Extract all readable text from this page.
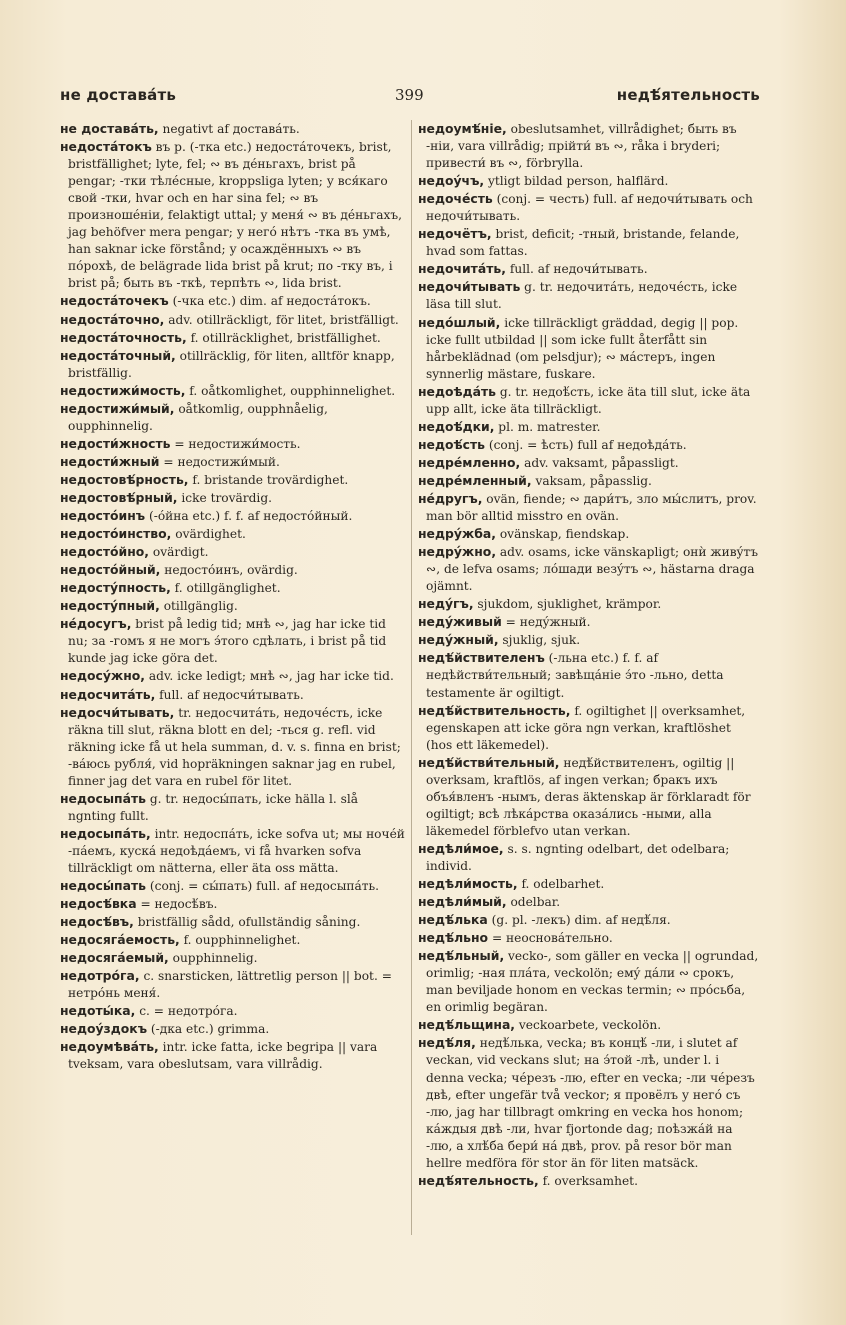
не доставáть	399	недѣ́ятельность
не доставáть, negativt af доставáть.
недостáтокъ въ р. (-тка etc.) недостáточекъ, brist, bristfällighet; lyte, fel; ∾ въ дéньгахъ, brist på pengar; -тки тѣлéсные, kroppsliga lyten; у вся́каго свой -тки, hvar och en har sina fel; ∾ въ произношéніи, felaktigt uttal; у меня́ ∾ въ дéньгахъ, jag behöfver mera pengar; у негó нѣтъ -тка въ умѣ, han saknar icke förstånd; у осаждённыхъ ∾ въ пóрохѣ, de belägrade lida brist på krut; по -тку въ, i brist på; быть въ -ткѣ, терпѣть ∾, lida brist.
недостáточекъ (-чка etc.) dim. af недостáтокъ.
недостáточно, adv. otillräckligt, för litet, bristfälligt.
недостáточность, f. otillräcklighet, bristfällighet.
недостáточный, otillräcklig, för liten, alltför knapp, bristfällig.
недостижи́мость, f. oåtkomlighet, oupphinnelighet.
недостижи́мый, oåtkomlig, oupphnåelig, oupphinnelig.
недости́жность = недостижи́мость.
недости́жный = недостижи́мый.
недостовѣ́рность, f. bristande trovärdighet.
недостовѣ́рный, icke trovärdig.
недостóинъ (-óйна etc.) f. f. af недостóйный.
недостóинство, ovärdighet.
недостóйно, ovärdigt.
недостóйный, недостóинъ, ovärdig.
недостýпность, f. otillgänglighet.
недостýпный, otillgänglig.
нéдосугъ, brist på ledig tid; мнѣ ∾, jag har icke tid nu; за -гомъ я не могъ э́того сдѣлать, i brist på tid kunde jag icke göra det.
недосýжно, adv. icke ledigt; мнѣ ∾, jag har icke tid.
недосчитáть, full. af недосчи́тывать.
недосчи́тывать, tr. недосчитáть, недочéсть, icke räkna till slut, räkna blott en del; -ться g. refl. vid räkning icke få ut hela summan, d. v. s. finna en brist; -вáюсь рубля́, vid hopräkningen saknar jag en rubel, finner jag det vara en rubel för litet.
недосыпáть g. tr. недосы́пать, icke hälla l. slå ngnting fullt.
недосыпáть, intr. недоспáть, icke sofva ut; мы ночéй -пáемъ, кускá недоѣдáемъ, vi få hvarken sofva tillräckligt om nätterna, eller äta oss mätta.
недосы́пать (conj. = сы́пать) full. af недосыпáть.
недосѣ́вка = недосѣ́въ.
недосѣ́въ, bristfällig sådd, ofullständig såning.
недосягáемость, f. oupphinnelighet.
недосягáемый, oupphinnelig.
недотрóга, c. snarsticken, lättretlig person || bot. = нетрóнь меня́.
недоты́ка, c. = недотрóга.
недоýздокъ (-дка etc.) grimma.
недоумѣвáть, intr. icke fatta, icke begripa || vara tveksam, vara obeslutsam, vara villrådig.
недоумѣ́ніе, obeslutsamhet, villrådighet; быть въ -ніи, vara villrådig; прійти́ въ ∾, råka i bryderi; привести́ въ ∾, förbrylla.
недоýчъ, ytligt bildad person, halflärd.
недочéсть (conj. = честь) full. af недочи́тывать och недочи́тывать.
недочётъ, brist, deficit; -тный, bristande, felande, hvad som fattas.
недочитáть, full. af недочи́тывать.
недочи́тывать g. tr. недочитáть, недочéсть, icke läsa till slut.
недóшлый, icke tillräckligt gräddad, degig || pop. icke fullt utbildad || som icke fullt återfått sin hårbeklädnad (om pelsdjur); ∾ мáстеръ, ingen synnerlig mästare, fuskare.
недоѣдáть g. tr. недоѣ́сть, icke äta till slut, icke äta upp allt, icke äta tillräckligt.
недоѣ́дки, pl. m. matrester.
недоѣ́сть (conj. = ѣсть) full af недоѣдáть.
недрéмленно, adv. vaksamt, påpassligt.
недрéмленный, vaksam, påpasslig.
нéдругъ, ovän, fiende; ∾ дари́тъ, зло мы́слитъ, prov. man bör alltid misstro en ovän.
недрýжба, ovänskap, fiendskap.
недрýжно, adv. osams, icke vänskapligt; онѝ живýтъ ∾, de lefva osams; лóшади везýтъ ∾, hästarna draga ojämnt.
недýгъ, sjukdom, sjuklighet, krämpor.
недýживый = недýжный.
недýжный, sjuklig, sjuk.
недѣ́йствителенъ (-льна etc.) f. f. af недѣйстви́тельный; завѣщáніе э́то -льно, detta testamente är ogiltigt.
недѣ́йствительность, f. ogiltighet || overksamhet, egenskapen att icke göra ngn verkan, kraftlöshet (hos ett läkemedel).
недѣ́йстви́тельный, недѣ́йствителенъ, ogiltig || overksam, kraftlös, af ingen verkan; бракъ ихъ объя́вленъ -нымъ, deras äktenskap är förklaradt för ogiltigt; всѣ лѣкáрства оказáлись -ными, alla läkemedel förblefvo utan verkan.
недѣли́мое, s. s. ngnting odelbart, det odelbara; individ.
недѣли́мость, f. odelbarhet.
недѣли́мый, odelbar.
недѣ́лька (g. pl. -лекъ) dim. af недѣ́ля.
недѣ́льно = неосновáтельно.
недѣ́льный, vecko-, som gäller en vecka || ogrundad, orimlig; -ная плáта, veckolön; емý дáли ∾ срокъ, man beviljade honom en veckas termin; ∾ прóсьба, en orimlig begäran.
недѣ́льщина, veckoarbete, veckolön.
недѣ́ля, недѣ́лька, vecka; въ концѣ́ -ли, i slutet af veckan, vid veckans slut; на э́той -лѣ, under l. i denna vecka; чéрезъ -лю, efter en vecka; -ли чéрезъ двѣ, efter ungefär två veckor; я провёлъ у негó съ -лю, jag har tillbragt omkring en vecka hos honom; кáждыя двѣ -ли, hvar fjortonde dag; поѣзжáй на -лю, а хлѣ́ба бери́ нá двѣ, prov. på resor bör man hellre medföra för stor än för liten matsäck.
недѣ́ятельность, f. overksamhet.
